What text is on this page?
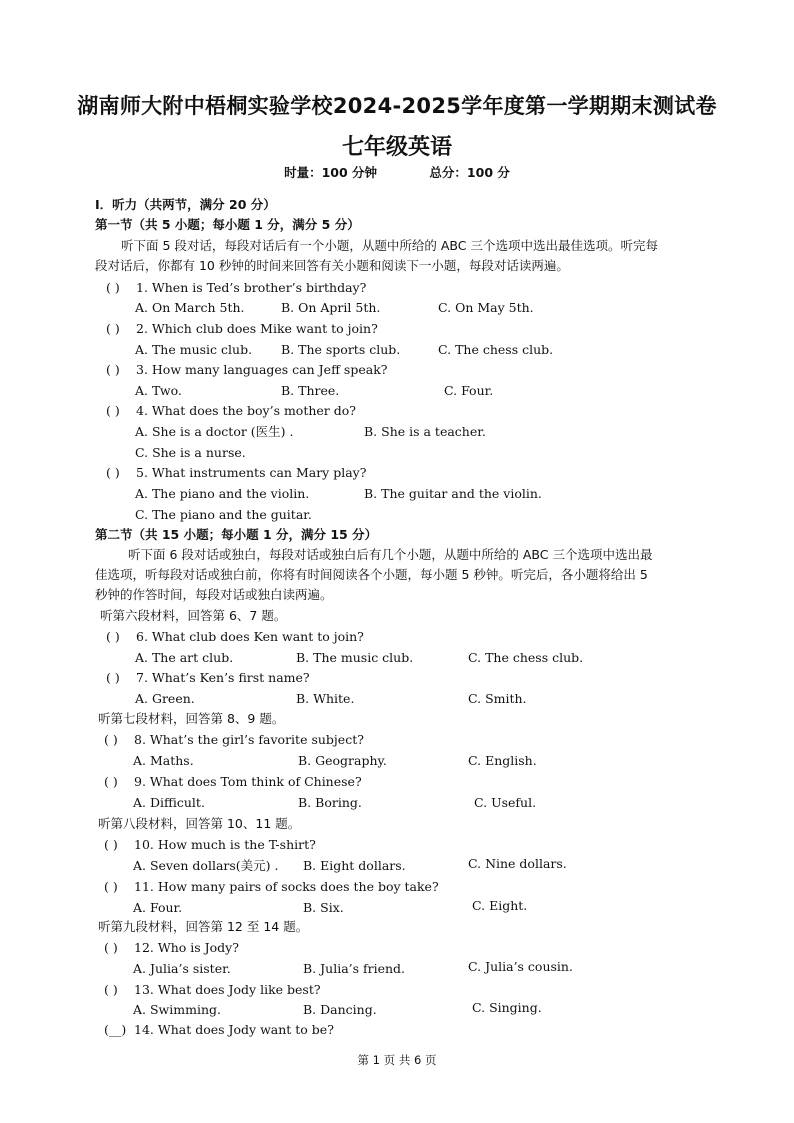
湖南师大附中梧桐实验学校2024-2025学年度第一学期期末测试卷
七年级英语
时量：100 分钟	总分：100 分
I．听力（共两节，满分 20 分）
第一节（共 5 小题；每小题 1 分，满分 5 分）
听下面 5 段对话，每段对话后有一个小题，从题中所给的 ABC 三个选项中选出最佳选项。听完每
段对话后，你都有 10 秒钟的时间来回答有关小题和阅读下一小题，每段对话读两遍。
( ) 1. When is Ted’s brother’s birthday?
A. On March 5th.	B. On April 5th.	C. On May 5th.
( ) 2. Which club does Mike want to join?
A. The music club. B. The sports club.	C. The chess club.
( ) 3. How many languages can Jeff speak?
A. Two.	B. Three.	C. Four.
( ) 4. What does the boy’s mother do?
A. She is a doctor (医生) .	B. She is a teacher.
C. She is a nurse.
( ) 5. What instruments can Mary play?
A. The piano and the violin.	B. The guitar and the violin.
C. The piano and the guitar.
第二节（共 15 小题；每小题 1 分，满分 15 分）
听下面 6 段对话或独白，每段对话或独白后有几个小题，从题中所给的 ABC 三个选项中选出最
佳选项，听每段对话或独白前，你将有时间阅读各个小题，每小题 5 秒钟。听完后，各小题将给出 5
秒钟的作答时间，每段对话或独白读两遍。
听第六段材料，回答第 6、7 题。
( ) 6. What club does Ken want to join?
A. The art club.	B. The music club.	C. The chess club.
( ) 7. What’s Ken’s first name?
A. Green.	B. White.	C. Smith.
听第七段材料，回答第 8、9 题。
( ) 8. What’s the girl’s favorite subject?
A. Maths.	B. Geography.	C. English.
( ) 9. What does Tom think of Chinese?
A. Difficult.	B. Boring.	C. Useful.
听第八段材料，回答第 10、11 题。
( ) 10. How much is the T-shirt?
A. Seven dollars(美元) . B. Eight dollars.	C. Nine dollars.
( ) 11. How many pairs of socks does the boy take?
A. Four.	B. Six.	C. Eight.
听第九段材料，回答第 12 至 14 题。
( ) 12. Who is Jody?
A. Julia’s sister.	B. Julia’s friend.	C. Julia’s cousin.
( ) 13. What does Jody like best?
A. Swimming.	B. Dancing.	C. Singing.
(__) 14. What does Jody want to be?
第 1 页 共 6 页
